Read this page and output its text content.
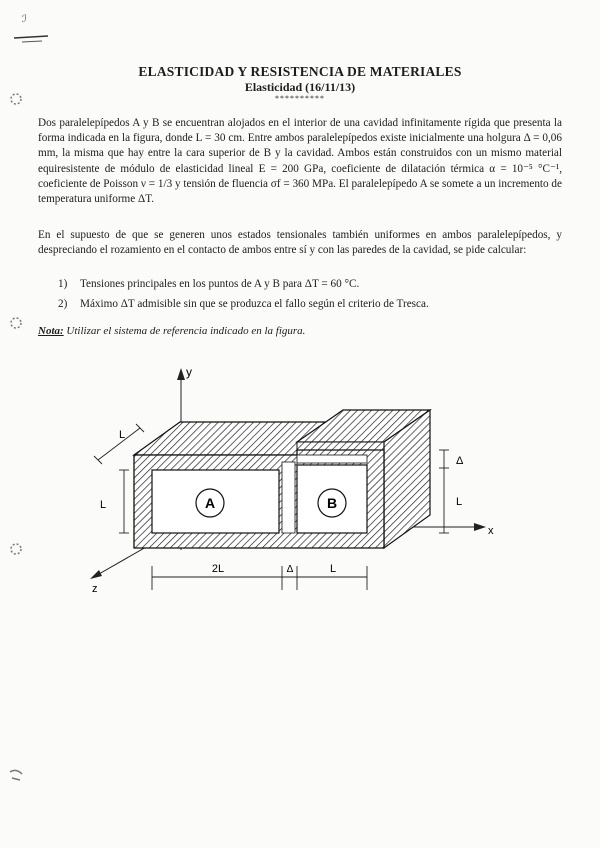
ℐ
ELASTICIDAD Y RESISTENCIA DE MATERIALES
Elasticidad (16/11/13)
**********
Dos paralelepípedos A y B se encuentran alojados en el interior de una cavidad infinitamente rígida que presenta la forma indicada en la figura, donde L = 30 cm. Entre ambos paralelepípedos existe inicialmente una holgura Δ = 0,06 mm, la misma que hay entre la cara superior de B y la cavidad. Ambos están construidos con un mismo material equiresistente de módulo de elasticidad lineal E = 200 GPa, coeficiente de dilatación térmica α = 10⁻⁵ °C⁻¹, coeficiente de Poisson ν = 1/3 y tensión de fluencia σf = 360 MPa. El paralelepípedo A se somete a un incremento de temperatura uniforme ΔT.
En el supuesto de que se generen unos estados tensionales también uniformes en ambos paralelepípedos, y despreciando el rozamiento en el contacto de ambos entre sí y con las paredes de la cavidad, se pide calcular:
1) Tensiones principales en los puntos de A y B para ΔT = 60 °C.
2) Máximo ΔT admisible sin que se produzca el fallo según el criterio de Tresca.
Nota: Utilizar el sistema de referencia indicado en la figura.
y
x
z
A	B
L
L
Δ
L
2L	Δ	L
